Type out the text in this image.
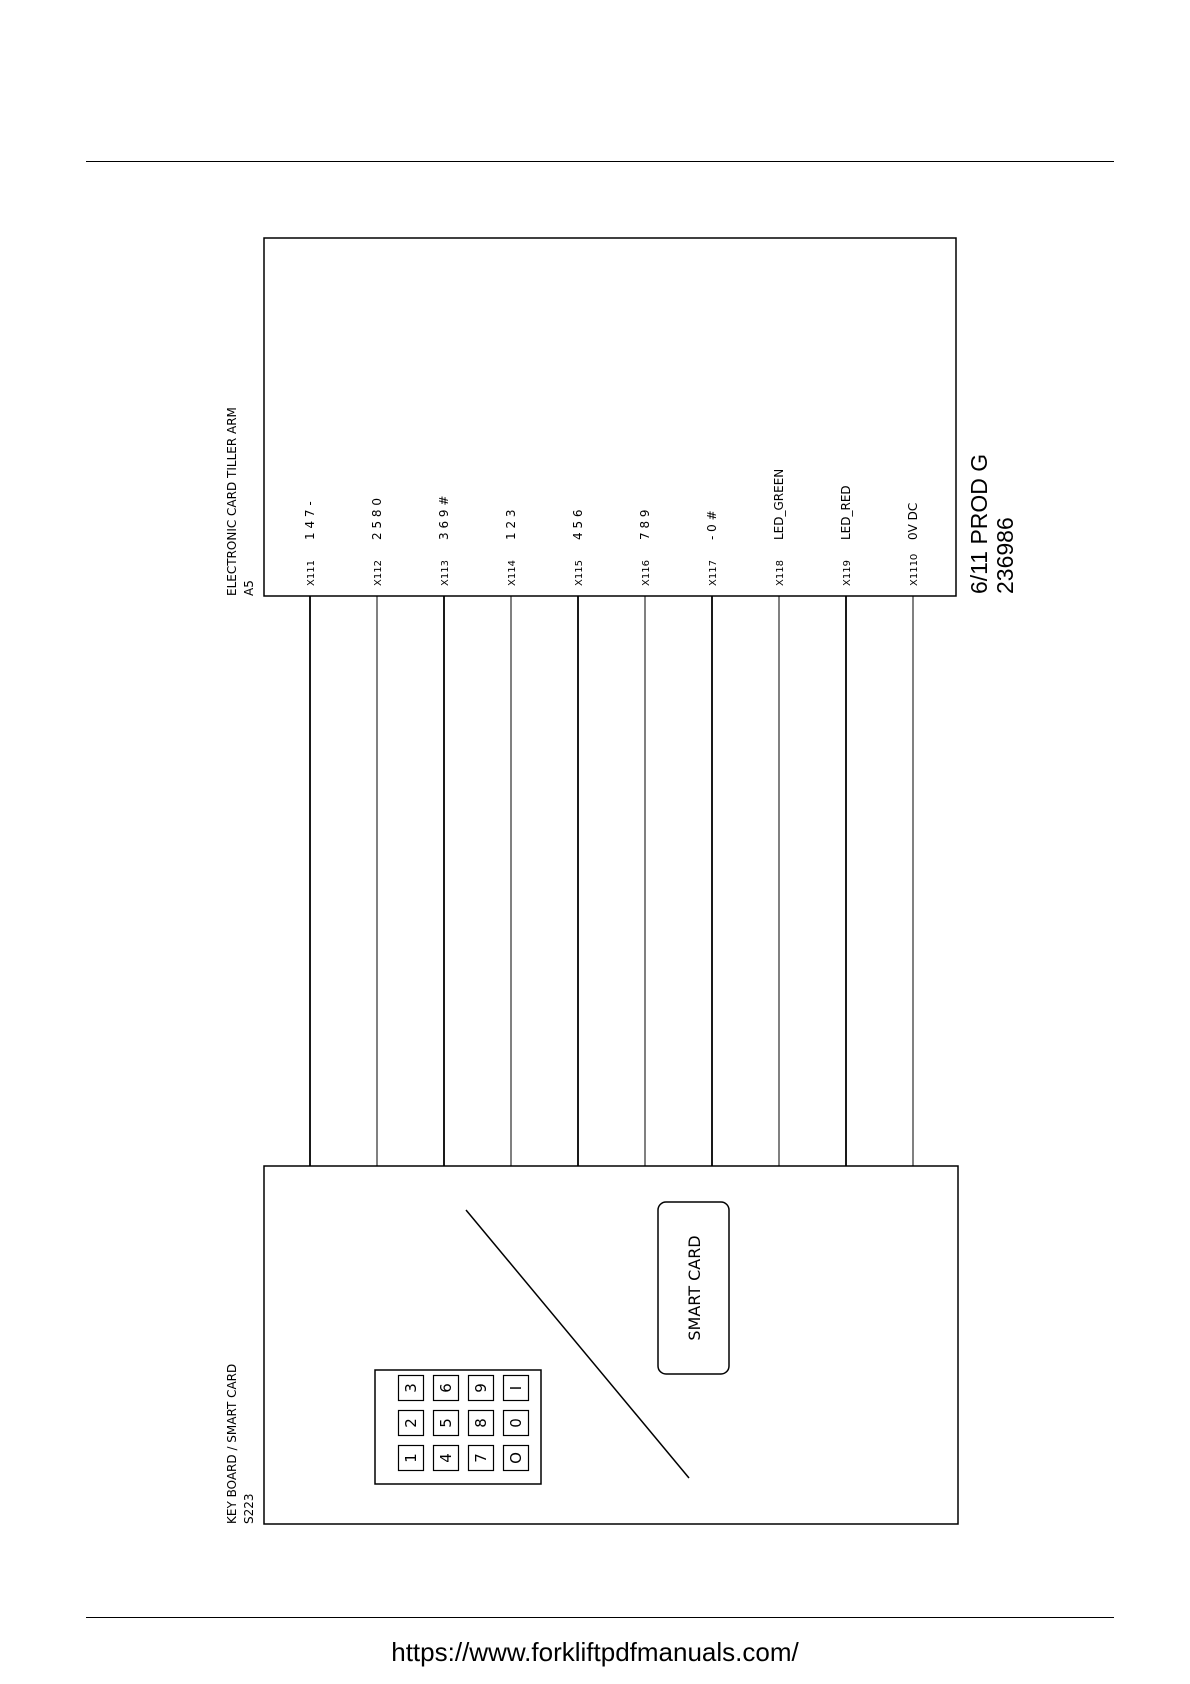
ELECTRONIC CARD TILLER ARM A5
X111
1 4 7 -
X112
2 5 8 0
X113
3 6 9 #
X114
1 2 3
X115
4 5 6
X116
7 8 9
X117
- 0 #
X118
LED_GREEN
X119
LED_RED
X1110
0V DC 6/11 PROD G 236986
KEY BOARD / SMART CARD S223
SMART CARD
1
2
3
4
5
6
7
8
9
O
0
I
https://www.forkliftpdfmanuals.com/
